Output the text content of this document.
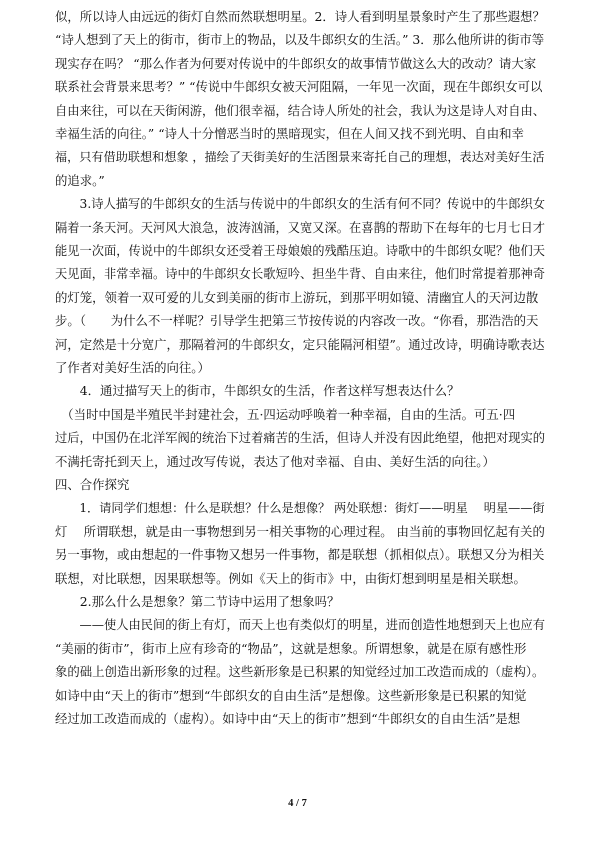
似，所以诗人由远远的街灯自然而然联想明星。2．诗人看到明星景象时产生了那些遐想？
“诗人想到了天上的街市，街市上的物品，以及牛郎织女的生活。” 3．那么他所讲的街市等
现实存在吗？ “那么作者为何要对传说中的牛郎织女的故事情节做这么大的改动？请大家
联系社会背景来思考？” “传说中牛郎织女被天河阻隔，一年见一次面，现在牛郎织女可以
自由来往，可以在天街闲游，他们很幸福，结合诗人所处的社会，我认为这是诗人对自由、
幸福生活的向往。” “诗人十分憎恶当时的黑暗现实，但在人间又找不到光明、自由和幸
福，只有借助联想和想象 ，描绘了天街美好的生活图景来寄托自己的理想，表达对美好生活
的追求。”
　　3.诗人描写的牛郎织女的生活与传说中的牛郎织女的生活有何不同？传说中的牛郎织女
隔着一条天河。天河风大浪急，波涛汹涌，又宽又深。在喜鹊的帮助下在每年的七月七日才
能见一次面，传说中的牛郎织女还受着王母娘娘的残酷压迫。诗歌中的牛郎织女呢？他们天
天见面，非常幸福。诗中的牛郎织女长歌短吟、担坐牛背、自由来往，他们时常提着那神奇
的灯笼，领着一双可爱的儿女到美丽的街市上游玩，到那平明如镜、清幽宜人的天河边散
步。（　　为什么不一样呢？引导学生把第三节按传说的内容改一改。“你看，那浩浩的天
河，定然是十分宽广，那隔着河的牛郎织女，定只能隔河相望”。通过改诗，明确诗歌表达
了作者对美好生活的向往。）
　　4．通过描写天上的街市，牛郎织女的生活，作者这样写想表达什么？
　（当时中国是半殖民半封建社会，五·四运动呼唤着一种幸福，自由的生活。可五·四
过后，中国仍在北洋军阀的统治下过着痛苦的生活，但诗人并没有因此绝望，他把对现实的
不满托寄托到天上，通过改写传说，表达了他对幸福、自由、美好生活的向往。）
四、合作探究
　　1．请同学们想想：什么是联想？什么是想像？ 两处联想：街灯——明星　 明星——街
灯　 所谓联想，就是由一事物想到另一相关事物的心理过程。 由当前的事物回忆起有关的
另一事物，或由想起的一件事物又想另一件事物，都是联想（抓相似点）。联想又分为相关
联想，对比联想，因果联想等。例如《天上的街市》中，由街灯想到明星是相关联想。
　　2.那么什么是想象？第二节诗中运用了想象吗？
　　——使人由民间的街上有灯，而天上也有类似灯的明星，进而创造性地想到天上也应有
“美丽的街市”，街市上应有珍奇的“物品”，这就是想象。所谓想象，就是在原有感性形
象的础上创造出新形象的过程。这些新形象是已积累的知觉经过加工改造而成的（虚构）。
如诗中由“天上的街市”想到“牛郎织女的自由生活”是想像。这些新形象是已积累的知觉
经过加工改造而成的（虚构）。如诗中由“天上的街市”想到“牛郎织女的自由生活”是想
4 / 7
